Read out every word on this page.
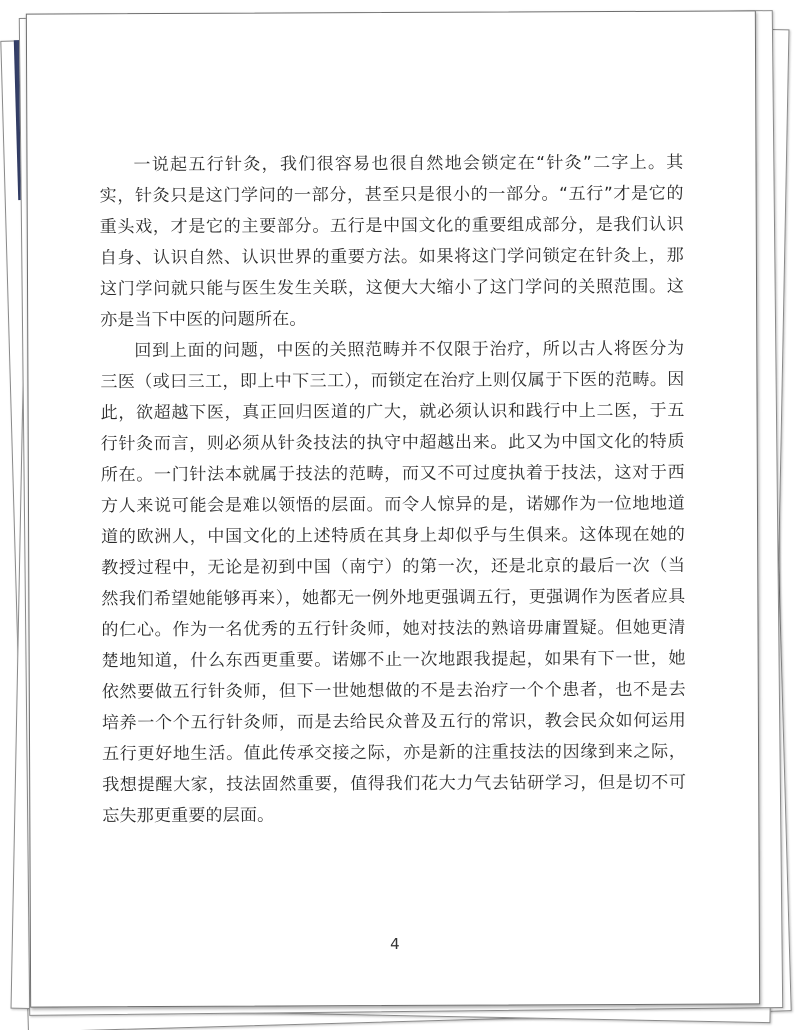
一说起五行针灸，我们很容易也很自然地会锁定在“针灸”二字上。其实，针灸只是这门学问的一部分，甚至只是很小的一部分。“五行”才是它的重头戏，才是它的主要部分。五行是中国文化的重要组成部分，是我们认识自身、认识自然、认识世界的重要方法。如果将这门学问锁定在针灸上，那这门学问就只能与医生发生关联，这便大大缩小了这门学问的关照范围。这亦是当下中医的问题所在。

回到上面的问题，中医的关照范畴并不仅限于治疗，所以古人将医分为三医（或曰三工，即上中下三工），而锁定在治疗上则仅属于下医的范畴。因此，欲超越下医，真正回归医道的广大，就必须认识和践行中上二医，于五行针灸而言，则必须从针灸技法的执守中超越出来。此又为中国文化的特质所在。一门针法本就属于技法的范畴，而又不可过度执着于技法，这对于西方人来说可能会是难以领悟的层面。而令人惊异的是，诺娜作为一位地地道道的欧洲人，中国文化的上述特质在其身上却似乎与生俱来。这体现在她的教授过程中，无论是初到中国（南宁）的第一次，还是北京的最后一次（当然我们希望她能够再来），她都无一例外地更强调五行，更强调作为医者应具的仁心。作为一名优秀的五行针灸师，她对技法的熟谙毋庸置疑。但她更清楚地知道，什么东西更重要。诺娜不止一次地跟我提起，如果有下一世，她依然要做五行针灸师，但下一世她想做的不是去治疗一个个患者，也不是去培养一个个五行针灸师，而是去给民众普及五行的常识，教会民众如何运用五行更好地生活。值此传承交接之际，亦是新的注重技法的因缘到来之际，我想提醒大家，技法固然重要，值得我们花大力气去钻研学习，但是切不可忘失那更重要的层面。

4
